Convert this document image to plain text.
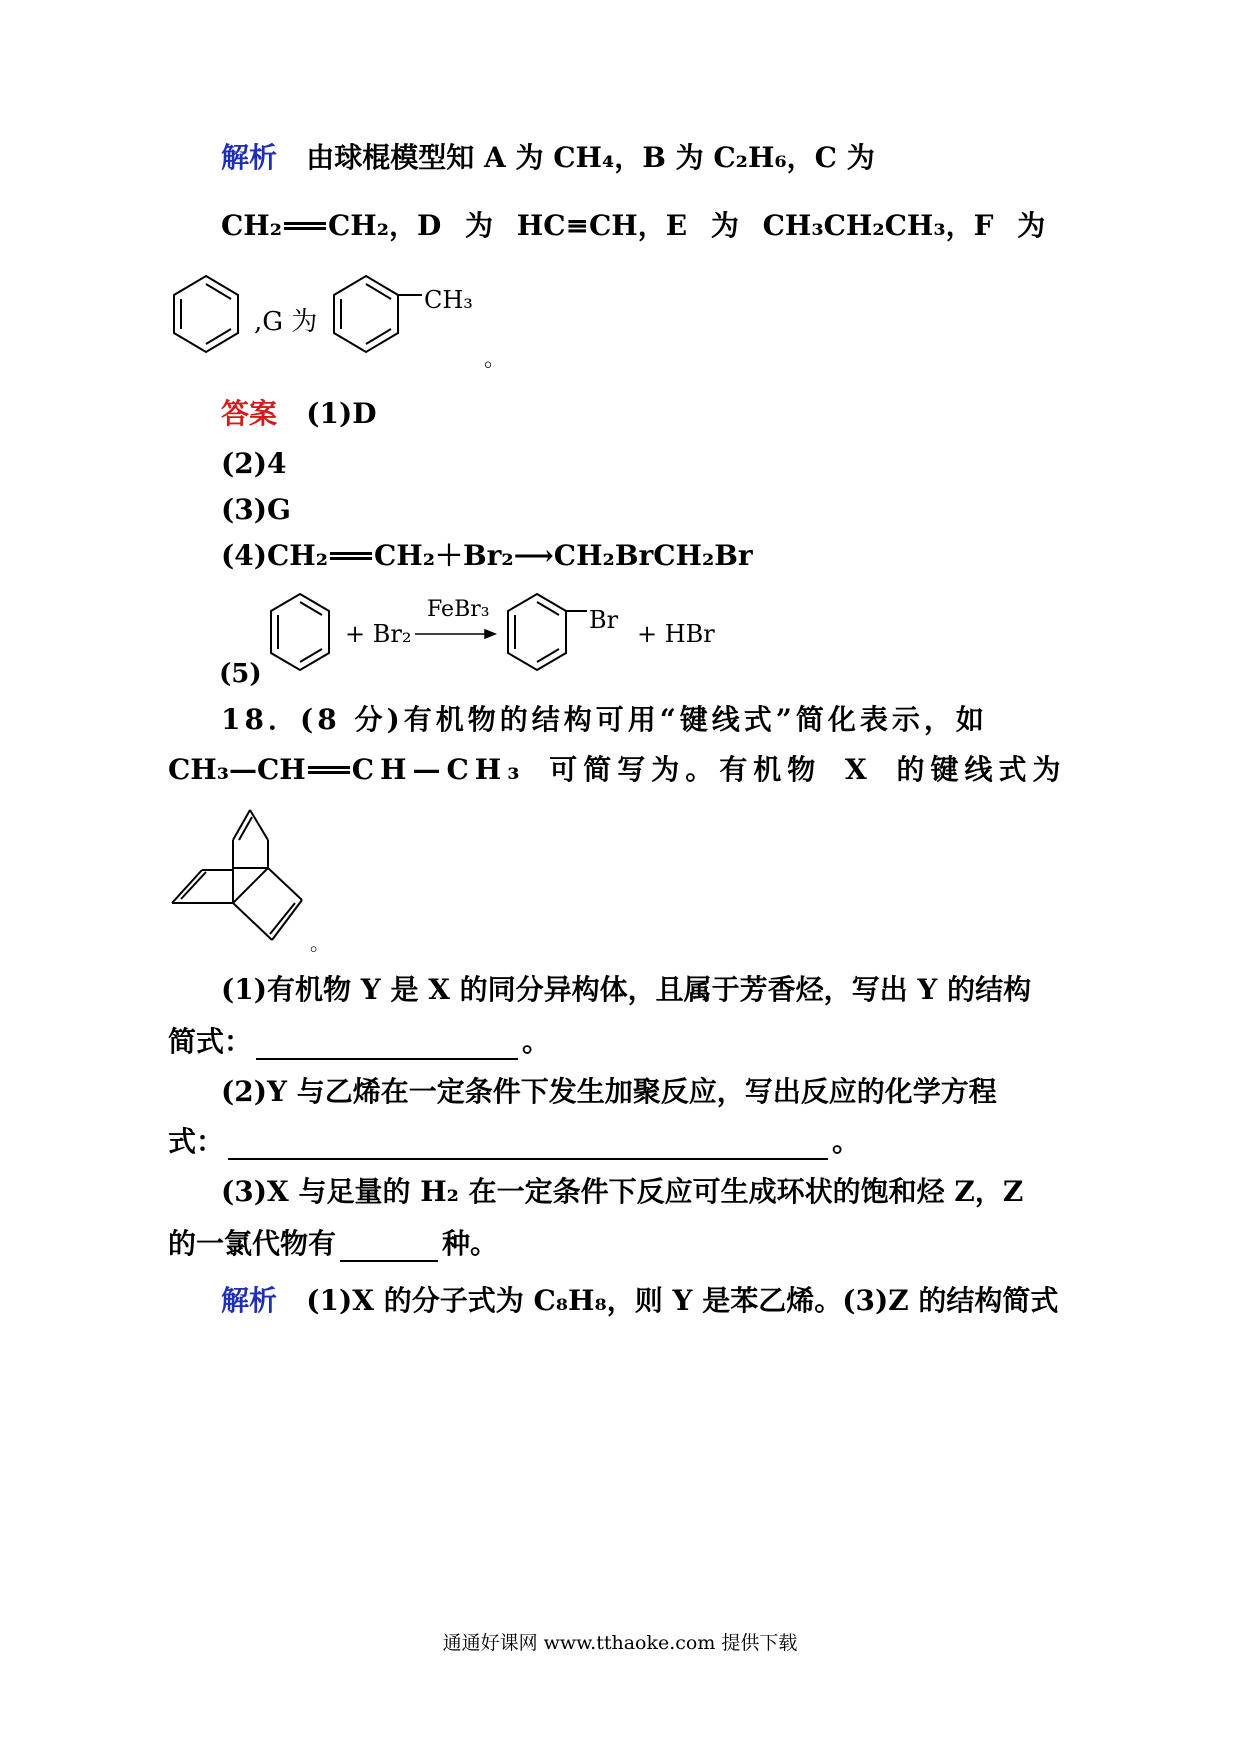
解析 由球棍模型知 A 为 CH₄，B 为 C₂H₆，C 为
CH₂ CH₂，D 为 HC≡CH，E 为 CH₃CH₂CH₃，F 为
,G 为
CH₃
。
答案 (1)D
(2)4
(3)G
(4)CH₂ CH₂＋Br₂⟶CH₂BrCH₂Br
(5)
+ Br₂
FeBr₃	Br + HBr
18．(8 分)有机物的结构可用“键线式”简化表示，如
CH₃—CH CH—CH₃ 可简写为。有机物 X 的键线式为
。
(1)有机物 Y 是 X 的同分异构体，且属于芳香烃，写出 Y 的结构
简式：	。
(2)Y 与乙烯在一定条件下发生加聚反应，写出反应的化学方程
式：	。
(3)X 与足量的 H₂ 在一定条件下反应可生成环状的饱和烃 Z，Z
的一氯代物有	种。
解析 (1)X 的分子式为 C₈H₈，则 Y 是苯乙烯。(3)Z 的结构简式
通通好课网 www.tthaoke.com 提供下载
